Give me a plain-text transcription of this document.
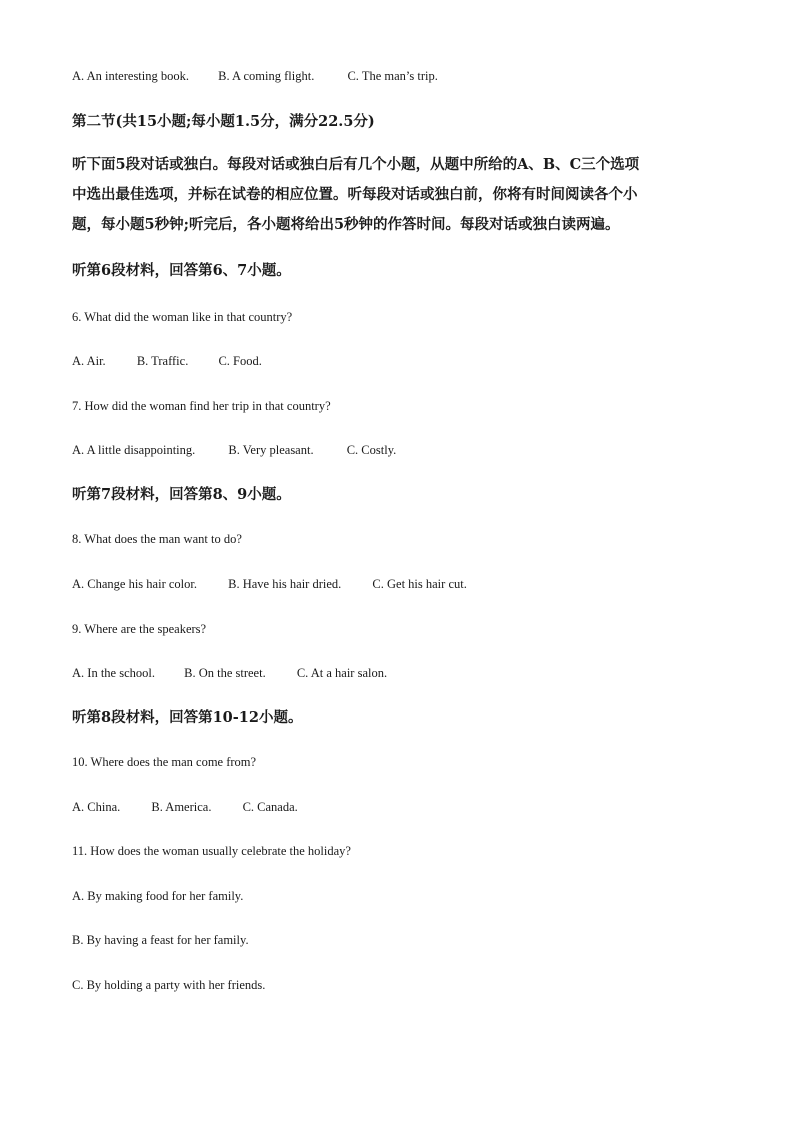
A. An interesting book. B. A coming flight.	C. The man’s trip.
第二节(共15小题;每小题1.5分，满分22.5分)
听下面5段对话或独白。每段对话或独白后有几个小题，从题中所给的A、B、C三个选项
中选出最佳选项，并标在试卷的相应位置。听每段对话或独白前，你将有时间阅读各个小
题，每小题5秒钟;听完后，各小题将给出5秒钟的作答时间。每段对话或独白读两遍。
听第6段材料，回答第6、7小题。
6. What did the woman like in that country?
A. Air. B. Traffic. C. Food.
7. How did the woman find her trip in that country?
A. A little disappointing.	B. Very pleasant.	C. Costly.
听第7段材料，回答第8、9小题。
8. What does the man want to do?
A. Change his hair color. B. Have his hair dried. C. Get his hair cut.
9. Where are the speakers?
A. In the school. B. On the street. C. At a hair salon.
听第8段材料，回答第10-12小题。
10. Where does the man come from?
A. China. B. America. C. Canada.
11. How does the woman usually celebrate the holiday?
A. By making food for her family.
B. By having a feast for her family.
C. By holding a party with her friends.
